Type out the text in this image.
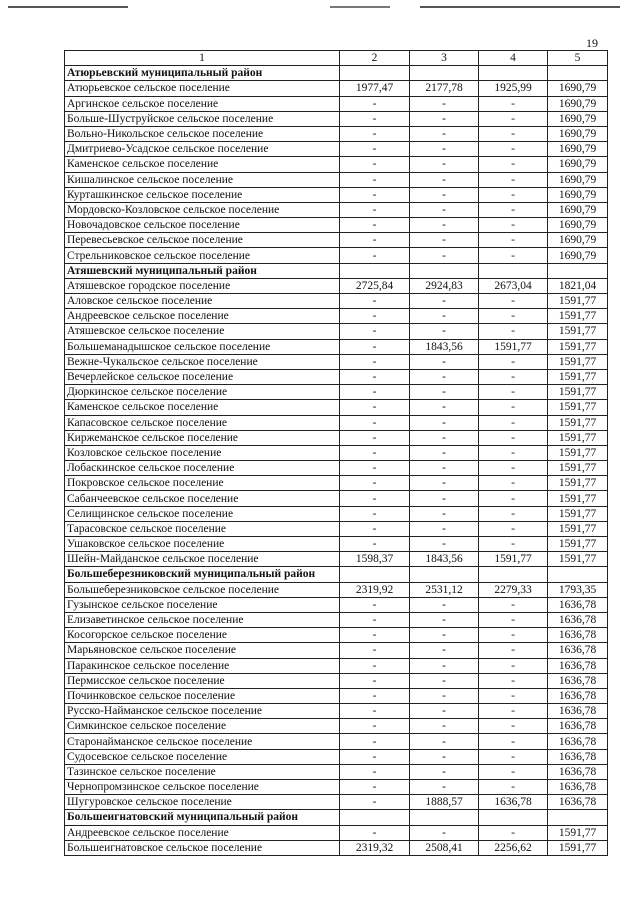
19
1	2	3	4	5
Атюрьевский муниципальный район				
Атюрьевское сельское поселение	1977,47	2177,78	1925,99	1690,79
Аргинское сельское поселение	-	-	-	1690,79
Больше-Шуструйское сельское поселение	-	-	-	1690,79
Вольно-Никольское сельское поселение	-	-	-	1690,79
Дмитриево-Усадское сельское поселение	-	-	-	1690,79
Каменское сельское поселение	-	-	-	1690,79
Кишалинское сельское поселение	-	-	-	1690,79
Курташкинское сельское поселение	-	-	-	1690,79
Мордовско-Козловское сельское поселение	-	-	-	1690,79
Новочадовское сельское поселение	-	-	-	1690,79
Перевесьевское сельское поселение	-	-	-	1690,79
Стрельниковское сельское поселение	-	-	-	1690,79
Атяшевский муниципальный район				
Атяшевское городское поселение	2725,84	2924,83	2673,04	1821,04
Аловское сельское поселение	-	-	-	1591,77
Андреевское сельское поселение	-	-	-	1591,77
Атяшевское сельское поселение	-	-	-	1591,77
Большеманадышское сельское поселение	-	1843,56	1591,77	1591,77
Вежне-Чукальское сельское поселение	-	-	-	1591,77
Вечерлейское сельское поселение	-	-	-	1591,77
Дюркинское сельское поселение	-	-	-	1591,77
Каменское сельское поселение	-	-	-	1591,77
Капасовское сельское поселение	-	-	-	1591,77
Киржеманское сельское поселение	-	-	-	1591,77
Козловское сельское поселение	-	-	-	1591,77
Лобаскинское сельское поселение	-	-	-	1591,77
Покровское сельское поселение	-	-	-	1591,77
Сабанчеевское сельское поселение	-	-	-	1591,77
Селищинское сельское поселение	-	-	-	1591,77
Тарасовское сельское поселение	-	-	-	1591,77
Ушаковское сельское поселение	-	-	-	1591,77
Шейн-Майданское сельское поселение	1598,37	1843,56	1591,77	1591,77
Большеберезниковский муниципальный район				
Большеберезниковское сельское поселение	2319,92	2531,12	2279,33	1793,35
Гузынское сельское поселение	-	-	-	1636,78
Елизаветинское сельское поселение	-	-	-	1636,78
Косогорское сельское поселение	-	-	-	1636,78
Марьяновское сельское поселение	-	-	-	1636,78
Паракинское сельское поселение	-	-	-	1636,78
Пермисское сельское поселение	-	-	-	1636,78
Починковское сельское поселение	-	-	-	1636,78
Русско-Найманское сельское поселение	-	-	-	1636,78
Симкинское сельское поселение	-	-	-	1636,78
Старонайманское сельское поселение	-	-	-	1636,78
Судосевское сельское поселение	-	-	-	1636,78
Тазинское сельское поселение	-	-	-	1636,78
Чернопромзинское сельское поселение	-	-	-	1636,78
Шугуровское сельское поселение	-	1888,57	1636,78	1636,78
Большеигнатовский муниципальный район				
Андреевское сельское поселение	-	-	-	1591,77
Большеигнатовское сельское поселение	2319,32	2508,41	2256,62	1591,77
